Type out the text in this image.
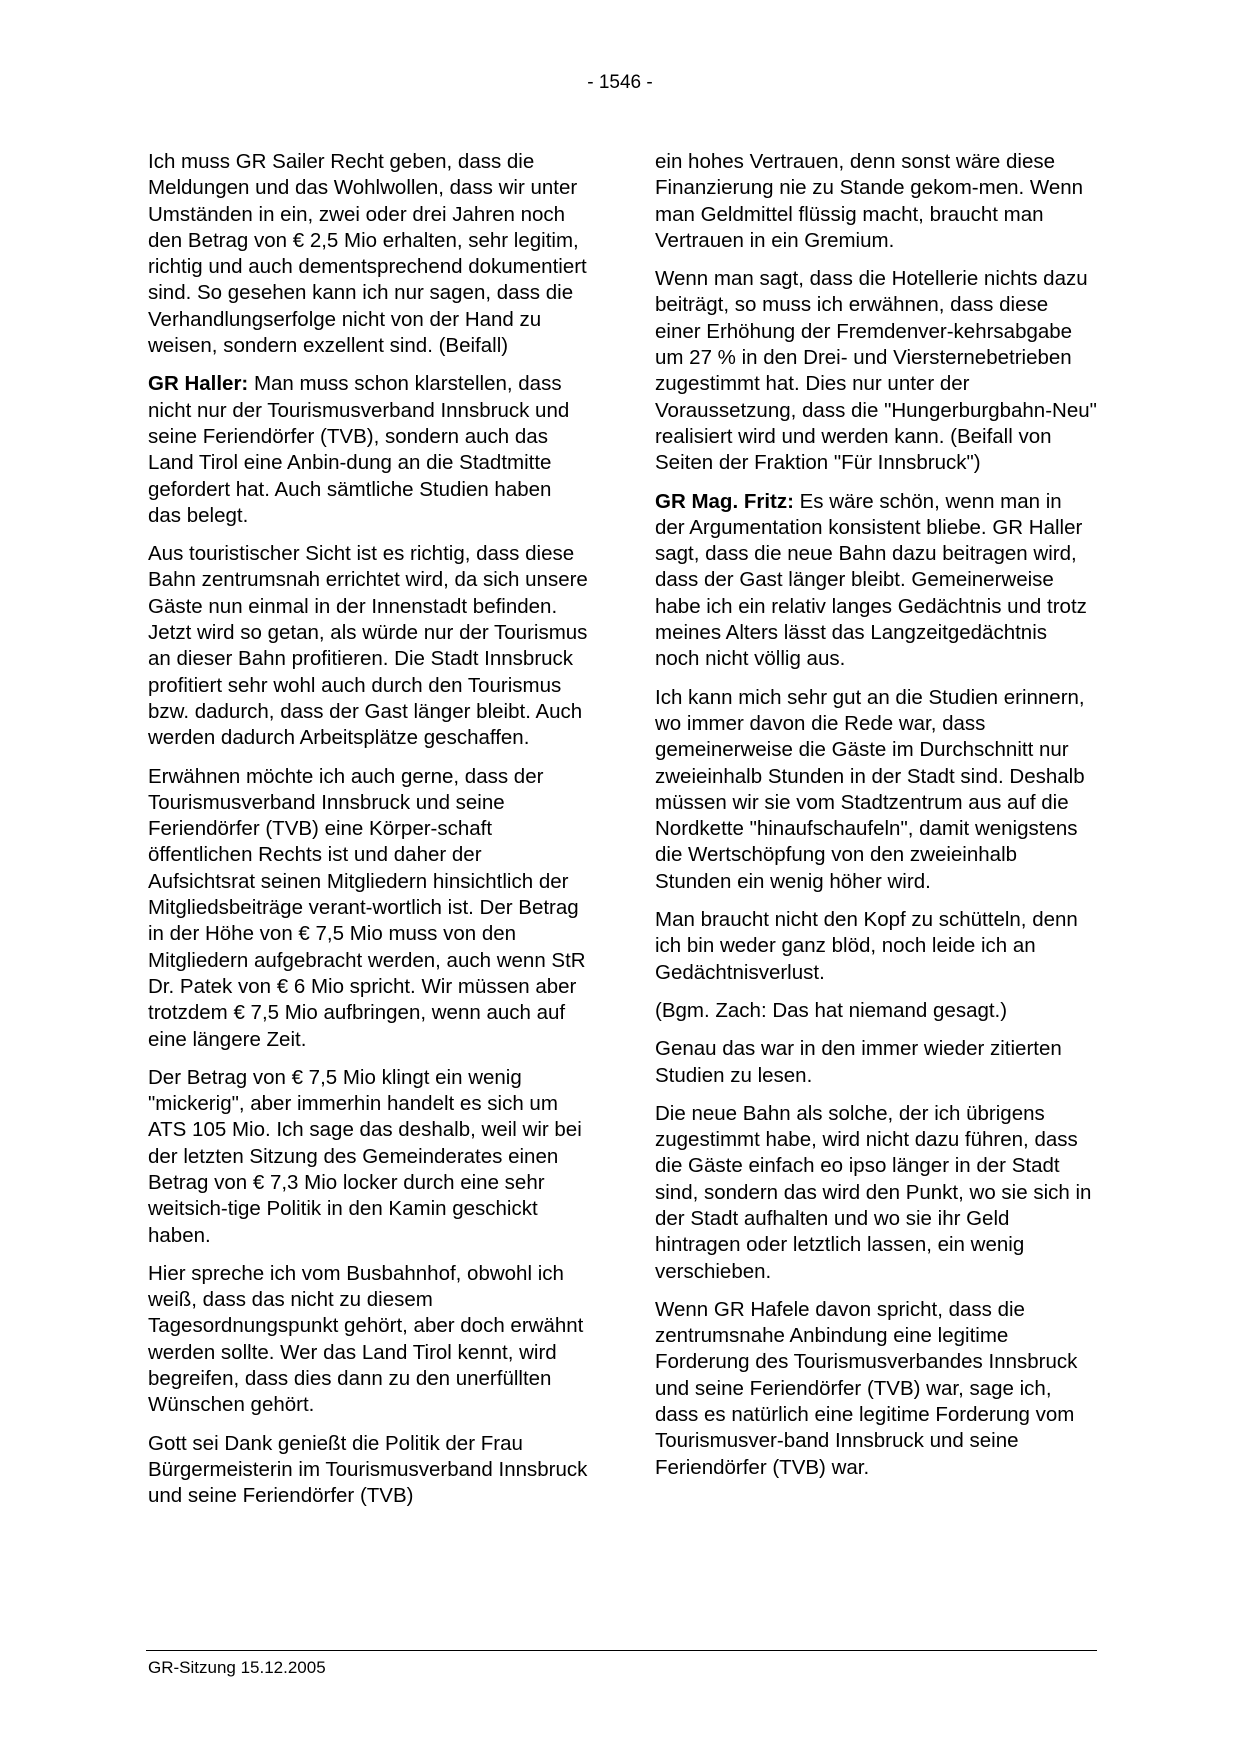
- 1546 -

Ich muss GR Sailer Recht geben, dass die Meldungen und das Wohlwollen, dass wir unter Umständen in ein, zwei oder drei Jahren noch den Betrag von € 2,5 Mio erhalten, sehr legitim, richtig und auch dementsprechend dokumentiert sind. So gesehen kann ich nur sagen, dass die Verhandlungserfolge nicht von der Hand zu weisen, sondern exzellent sind. (Beifall)

GR Haller: Man muss schon klarstellen, dass nicht nur der Tourismusverband Innsbruck und seine Feriendörfer (TVB), sondern auch das Land Tirol eine Anbin-dung an die Stadtmitte gefordert hat. Auch sämtliche Studien haben das belegt.

Aus touristischer Sicht ist es richtig, dass diese Bahn zentrumsnah errichtet wird, da sich unsere Gäste nun einmal in der Innenstadt befinden. Jetzt wird so getan, als würde nur der Tourismus an dieser Bahn profitieren. Die Stadt Innsbruck profitiert sehr wohl auch durch den Tourismus bzw. dadurch, dass der Gast länger bleibt. Auch werden dadurch Arbeitsplätze geschaffen.

Erwähnen möchte ich auch gerne, dass der Tourismusverband Innsbruck und seine Feriendörfer (TVB) eine Körper-schaft öffentlichen Rechts ist und daher der Aufsichtsrat seinen Mitgliedern hinsichtlich der Mitgliedsbeiträge verant-wortlich ist. Der Betrag in der Höhe von € 7,5 Mio muss von den Mitgliedern aufgebracht werden, auch wenn StR Dr. Patek von € 6 Mio spricht. Wir müssen aber trotzdem € 7,5 Mio aufbringen, wenn auch auf eine längere Zeit.

Der Betrag von € 7,5 Mio klingt ein wenig "mickerig", aber immerhin handelt es sich um ATS 105 Mio. Ich sage das deshalb, weil wir bei der letzten Sitzung des Gemeinderates einen Betrag von € 7,3 Mio locker durch eine sehr weitsich-tige Politik in den Kamin geschickt haben.

Hier spreche ich vom Busbahnhof, obwohl ich weiß, dass das nicht zu diesem Tagesordnungspunkt gehört, aber doch erwähnt werden sollte. Wer das Land Tirol kennt, wird begreifen, dass dies dann zu den unerfüllten Wünschen gehört.

Gott sei Dank genießt die Politik der Frau Bürgermeisterin im Tourismusverband Innsbruck und seine Feriendörfer (TVB)

ein hohes Vertrauen, denn sonst wäre diese Finanzierung nie zu Stande gekom-men. Wenn man Geldmittel flüssig macht, braucht man Vertrauen in ein Gremium.

Wenn man sagt, dass die Hotellerie nichts dazu beiträgt, so muss ich erwähnen, dass diese einer Erhöhung der Fremdenver-kehrsabgabe um 27 % in den Drei- und Viersternebetrieben zugestimmt hat. Dies nur unter der Voraussetzung, dass die "Hungerburgbahn-Neu" realisiert wird und werden kann. (Beifall von Seiten der Fraktion "Für Innsbruck")

GR Mag. Fritz: Es wäre schön, wenn man in der Argumentation konsistent bliebe. GR Haller sagt, dass die neue Bahn dazu beitragen wird, dass der Gast länger bleibt. Gemeinerweise habe ich ein relativ langes Gedächtnis und trotz meines Alters lässt das Langzeitgedächtnis noch nicht völlig aus.

Ich kann mich sehr gut an die Studien erinnern, wo immer davon die Rede war, dass gemeinerweise die Gäste im Durchschnitt nur zweieinhalb Stunden in der Stadt sind. Deshalb müssen wir sie vom Stadtzentrum aus auf die Nordkette "hinaufschaufeln", damit wenigstens die Wertschöpfung von den zweieinhalb Stunden ein wenig höher wird.

Man braucht nicht den Kopf zu schütteln, denn ich bin weder ganz blöd, noch leide ich an Gedächtnisverlust.

(Bgm. Zach: Das hat niemand gesagt.)

Genau das war in den immer wieder zitierten Studien zu lesen.

Die neue Bahn als solche, der ich übrigens zugestimmt habe, wird nicht dazu führen, dass die Gäste einfach eo ipso länger in der Stadt sind, sondern das wird den Punkt, wo sie sich in der Stadt aufhalten und wo sie ihr Geld hintragen oder letztlich lassen, ein wenig verschieben.

Wenn GR Hafele davon spricht, dass die zentrumsnahe Anbindung eine legitime Forderung des Tourismusverbandes Innsbruck und seine Feriendörfer (TVB) war, sage ich, dass es natürlich eine legitime Forderung vom Tourismusver-band Innsbruck und seine Feriendörfer (TVB) war.

GR-Sitzung 15.12.2005
